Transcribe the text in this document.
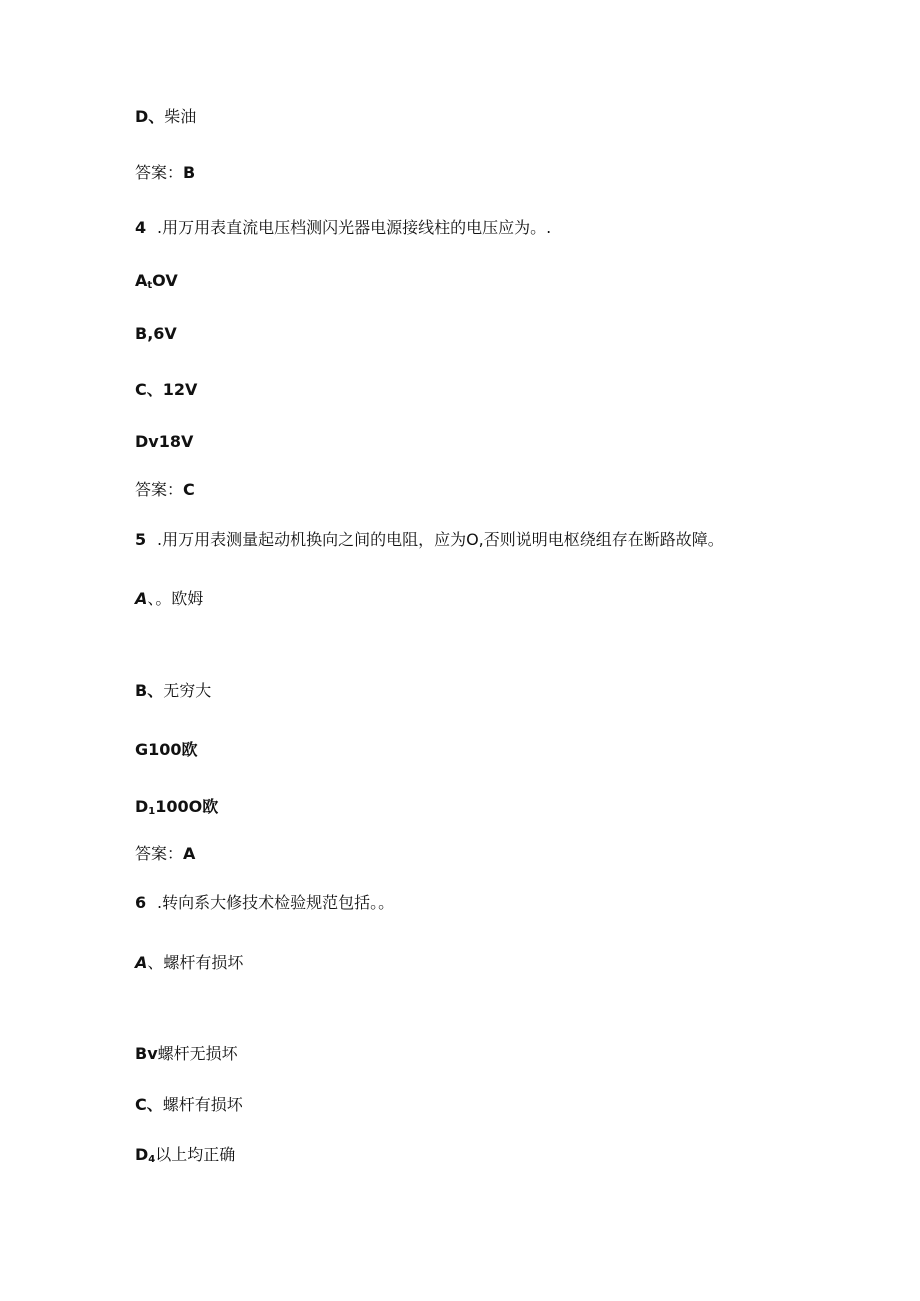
D、柴油
答案：B
4 .用万用表直流电压档测闪光器电源接线柱的电压应为。.
$A_tOV$
B,6V
C、12V
Dv18V
答案：C
5 .用万用表测量起动机换向之间的电阻，应为O,否则说明电枢绕组存在断路故障。
A、。欧姆
B、无穷大
G100欧
$D_1100O$欧
答案：A
6 .转向系大修技术检验规范包括。。
A、螺杆有损坏
Bv螺杆无损坏
C、螺杆有损坏
$D_4$以上均正确
